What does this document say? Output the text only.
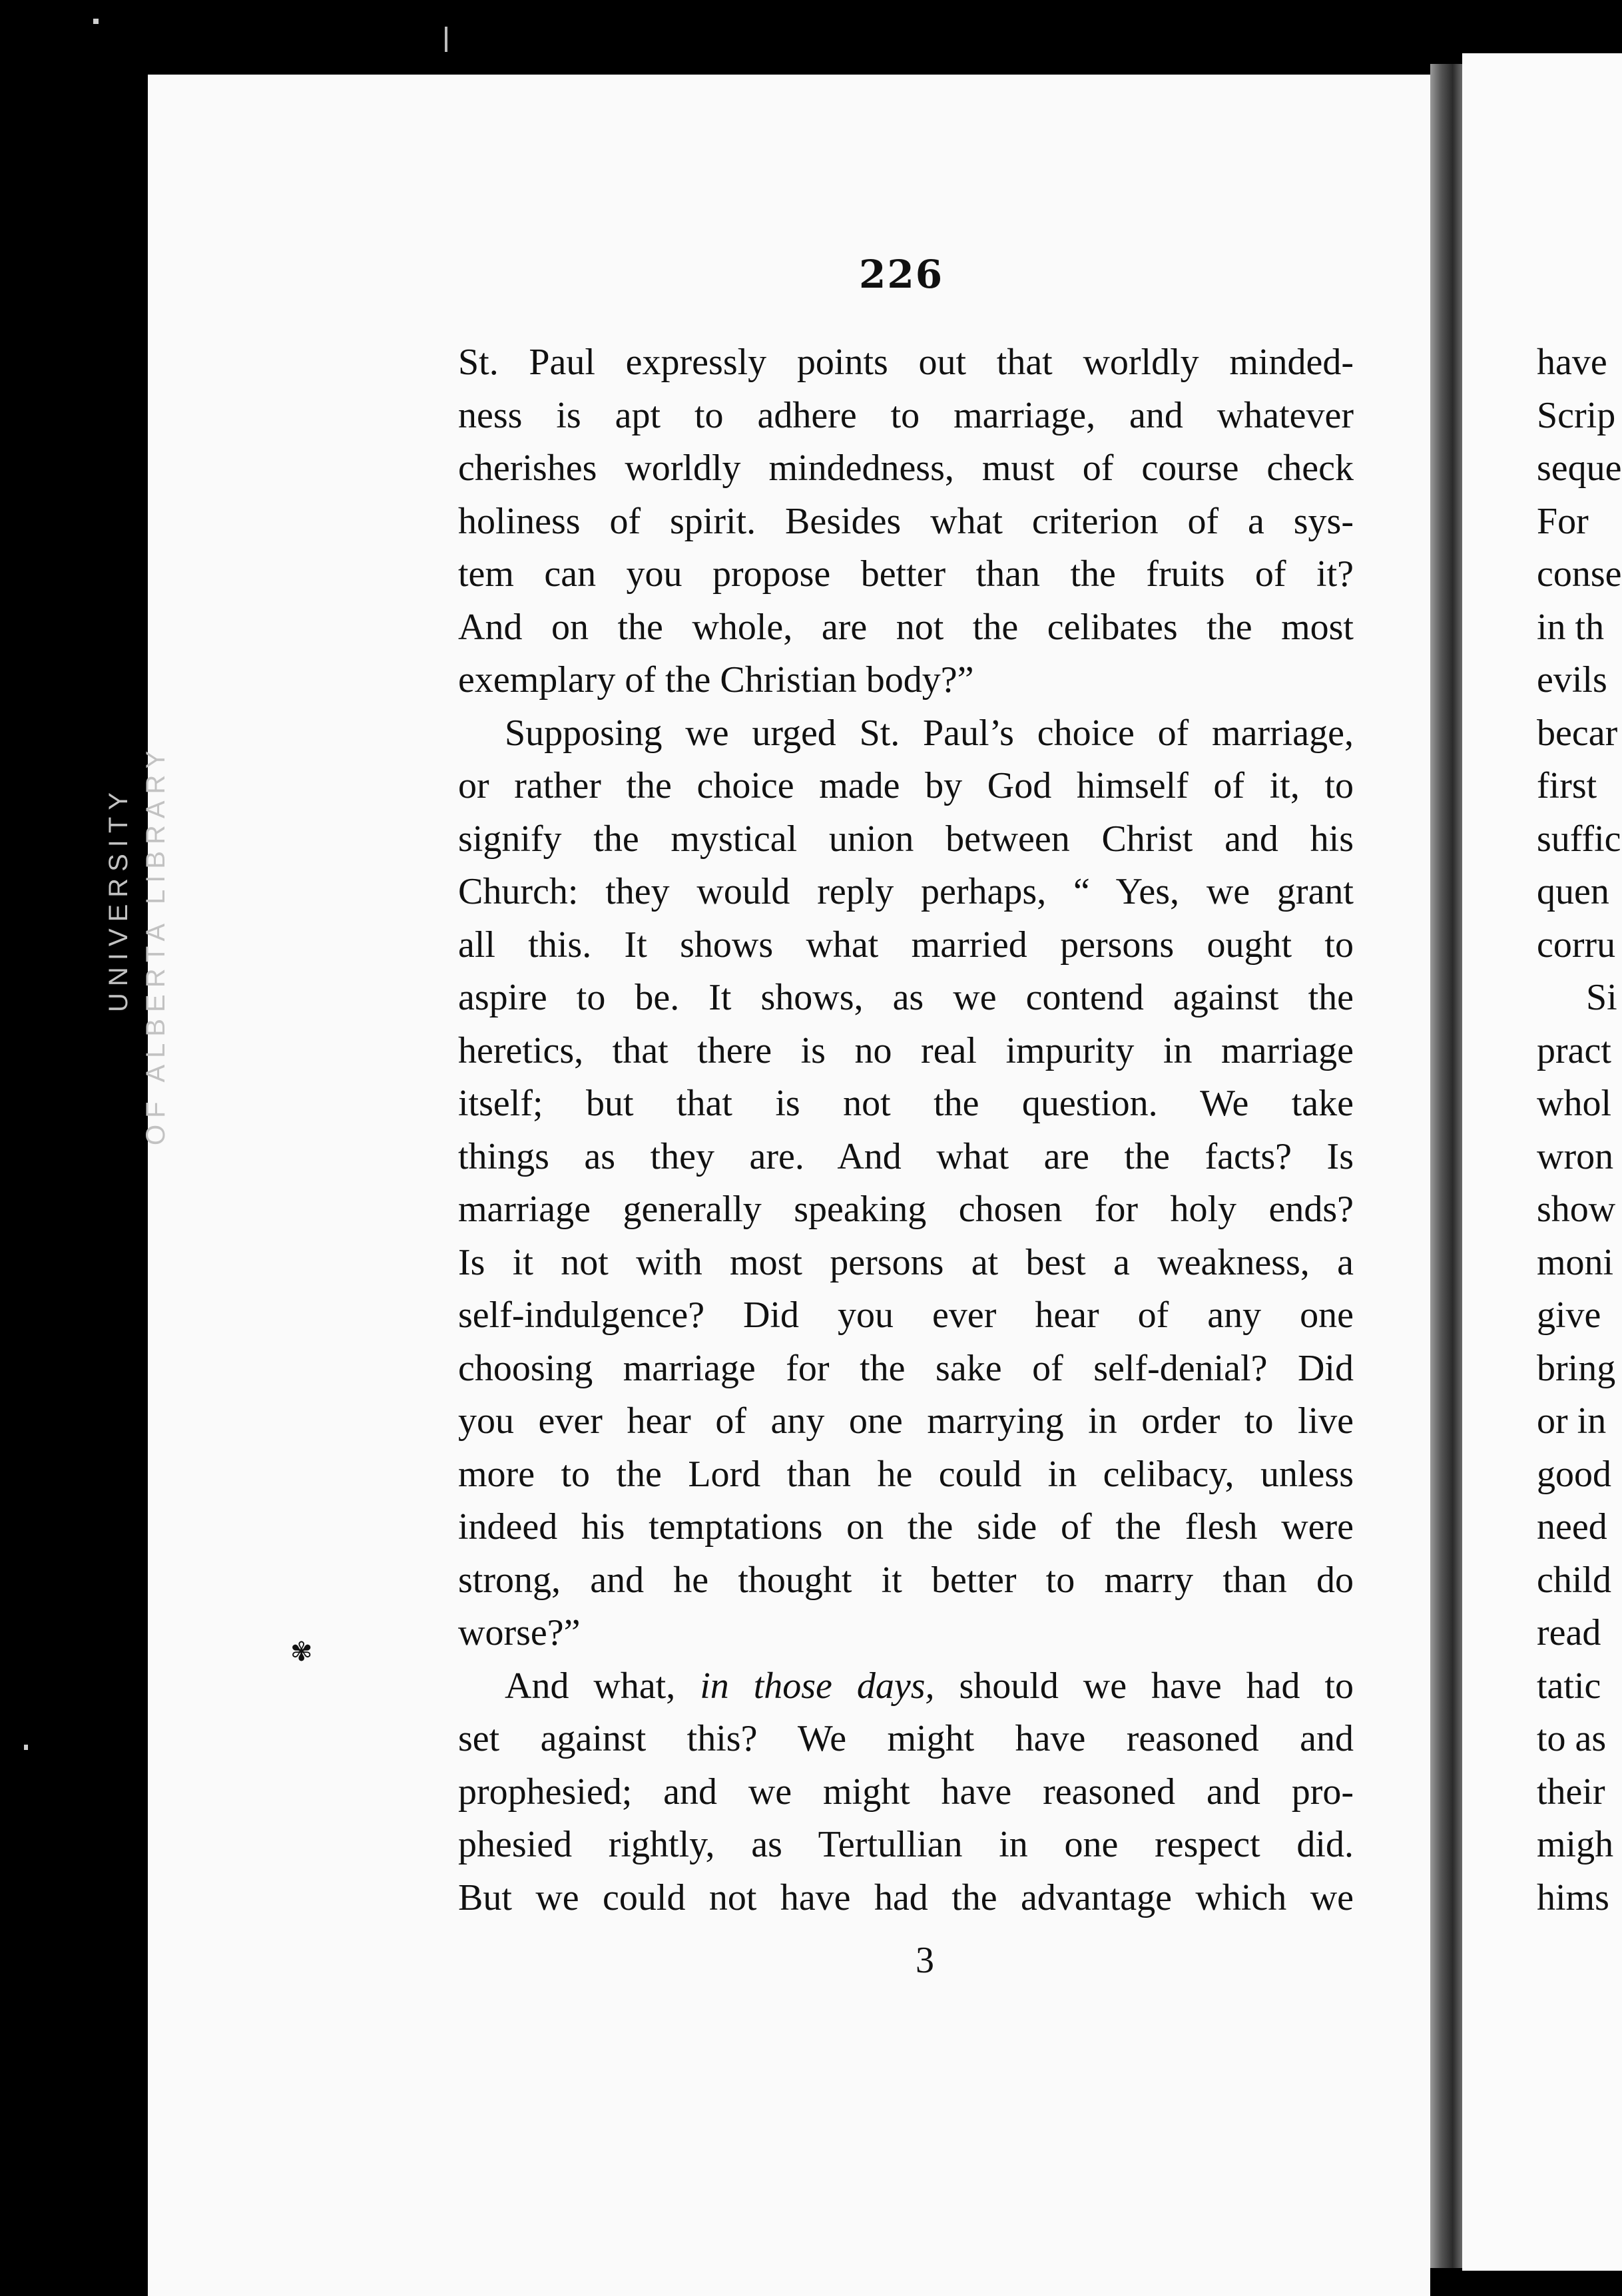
UNIVERSITY OF ALBERTA LIBRARY
✾
226
St. Paul expressly points out that worldly minded-
ness is apt to adhere to marriage, and whatever
cherishes worldly mindedness, must of course check
holiness of spirit. Besides what criterion of a sys-
tem can you propose better than the fruits of it?
And on the whole, are not the celibates the most
exemplary of the Christian body?”
Supposing we urged St. Paul’s choice of marriage,
or rather the choice made by God himself of it, to
signify the mystical union between Christ and his
Church: they would reply perhaps, “ Yes, we grant
all this. It shows what married persons ought to
aspire to be. It shows, as we contend against the
heretics, that there is no real impurity in marriage
itself; but that is not the question. We take
things as they are. And what are the facts? Is
marriage generally speaking chosen for holy ends?
Is it not with most persons at best a weakness, a
self-indulgence? Did you ever hear of any one
choosing marriage for the sake of self-denial? Did
you ever hear of any one marrying in order to live
more to the Lord than he could in celibacy, unless
indeed his temptations on the side of the flesh were
strong, and he thought it better to marry than do
worse?”
And what, in those days, should we have had to
set against this? We might have reasoned and
prophesied; and we might have reasoned and pro-
phesied rightly, as Tertullian in one respect did.
But we could not have had the advantage which we
3
have
Scrip
seque
For
conse
in th
evils
becar
first
suffic
quen
corru
Si
pract
whol
wron
show
moni
give
bring
or in
good
need
child
read
tatic
to as
their
migh
hims
